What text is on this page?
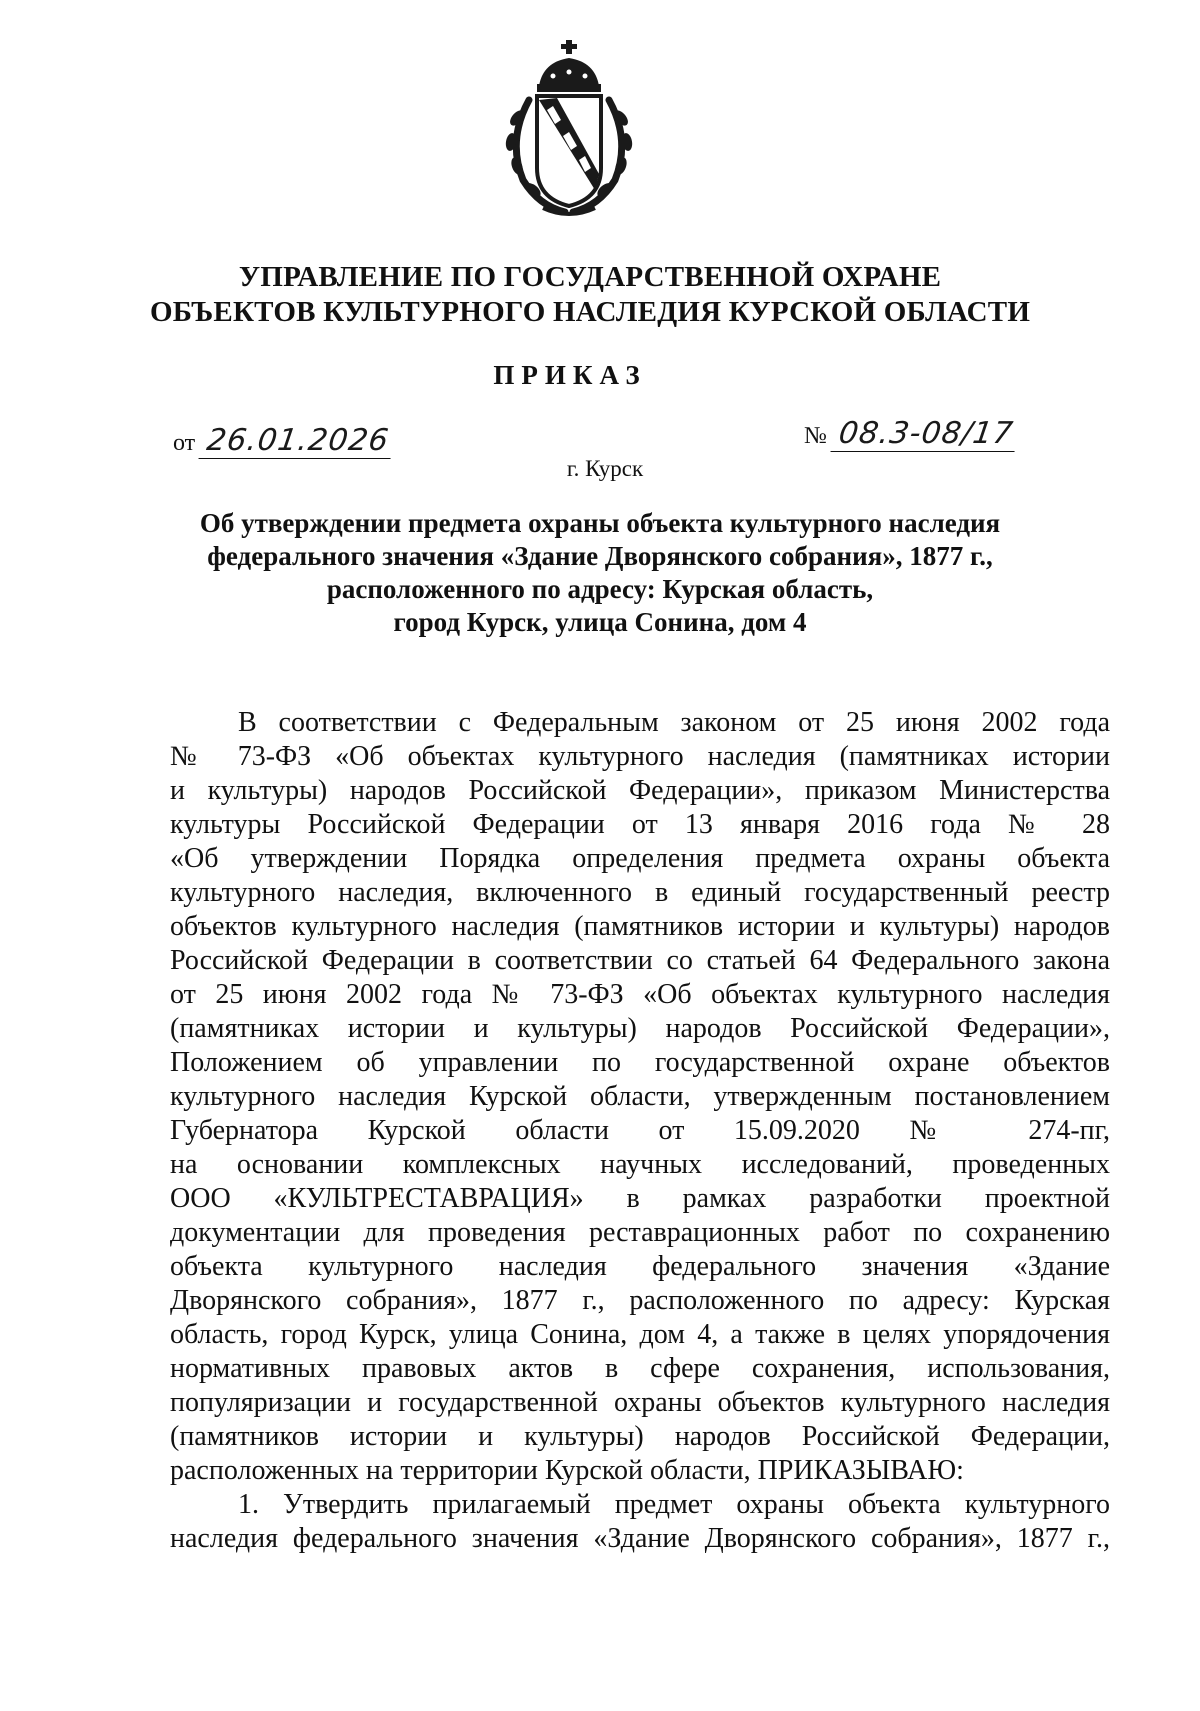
УПРАВЛЕНИЕ ПО ГОСУДАРСТВЕННОЙ ОХРАНЕ
ОБЪЕКТОВ КУЛЬТУРНОГО НАСЛЕДИЯ КУРСКОЙ ОБЛАСТИ
ПРИКАЗ
от 26.01.2026	№ 08.3-08/17
г. Курск
Об утверждении предмета охраны объекта культурного наследия
федерального значения «Здание Дворянского собрания», 1877 г.,
расположенного по адресу: Курская область,
город Курск, улица Сонина, дом 4
В соответствии с Федеральным законом от 25 июня 2002 года
№ 73-ФЗ «Об объектах культурного наследия (памятниках истории
и культуры) народов Российской Федерации», приказом Министерства
культуры Российской Федерации от 13 января 2016 года № 28
«Об утверждении Порядка определения предмета охраны объекта
культурного наследия, включенного в единый государственный реестр
объектов культурного наследия (памятников истории и культуры) народов
Российской Федерации в соответствии со статьей 64 Федерального закона
от 25 июня 2002 года № 73-ФЗ «Об объектах культурного наследия
(памятниках истории и культуры) народов Российской Федерации»,
Положением об управлении по государственной охране объектов
культурного наследия Курской области, утвержденным постановлением
Губернатора Курской области от 15.09.2020 № 274-пг,
на основании комплексных научных исследований, проведенных
ООО «КУЛЬТРЕСТАВРАЦИЯ» в рамках разработки проектной
документации для проведения реставрационных работ по сохранению
объекта культурного наследия федерального значения «Здание
Дворянского собрания», 1877 г., расположенного по адресу: Курская
область, город Курск, улица Сонина, дом 4, а также в целях упорядочения
нормативных правовых актов в сфере сохранения, использования,
популяризации и государственной охраны объектов культурного наследия
(памятников истории и культуры) народов Российской Федерации,
расположенных на территории Курской области, ПРИКАЗЫВАЮ:
1. Утвердить прилагаемый предмет охраны объекта культурного
наследия федерального значения «Здание Дворянского собрания», 1877 г.,
